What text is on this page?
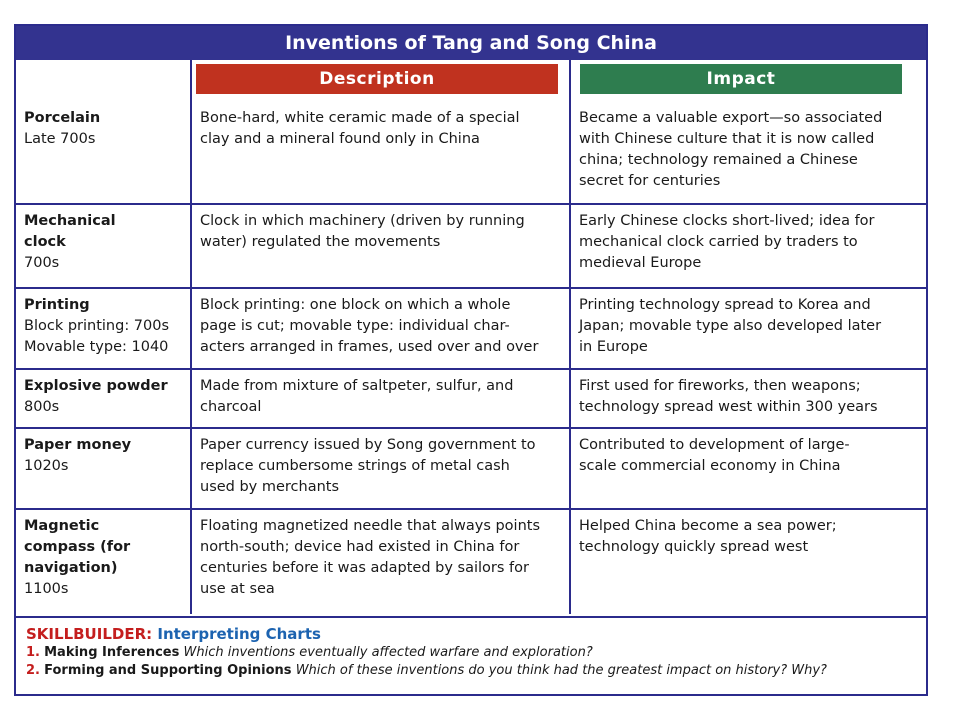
Inventions of Tang and Song China
Description	Impact
Porcelain
Late 700s
Bone-hard, white ceramic made of a special
clay and a mineral found only in China
Became a valuable export—so associated
with Chinese culture that it is now called
china; technology remained a Chinese
secret for centuries
Mechanical
clock
700s
Clock in which machinery (driven by running
water) regulated the movements
Early Chinese clocks short-lived; idea for
mechanical clock carried by traders to
medieval Europe
Printing
Block printing: 700s
Movable type: 1040
Block printing: one block on which a whole
page is cut; movable type: individual char-
acters arranged in frames, used over and over
Printing technology spread to Korea and
Japan; movable type also developed later
in Europe
Explosive powder
800s
Made from mixture of saltpeter, sulfur, and
charcoal
First used for fireworks, then weapons;
technology spread west within 300 years
Paper money
1020s
Paper currency issued by Song government to
replace cumbersome strings of metal cash
used by merchants
Contributed to development of large-
scale commercial economy in China
Magnetic
compass (for
navigation)
1100s
Floating magnetized needle that always points
north-south; device had existed in China for
centuries before it was adapted by sailors for
use at sea
Helped China become a sea power;
technology quickly spread west
SKILLBUILDER: Interpreting Charts
1. Making Inferences Which inventions eventually affected warfare and exploration?
2. Forming and Supporting Opinions Which of these inventions do you think had the greatest impact on history? Why?
